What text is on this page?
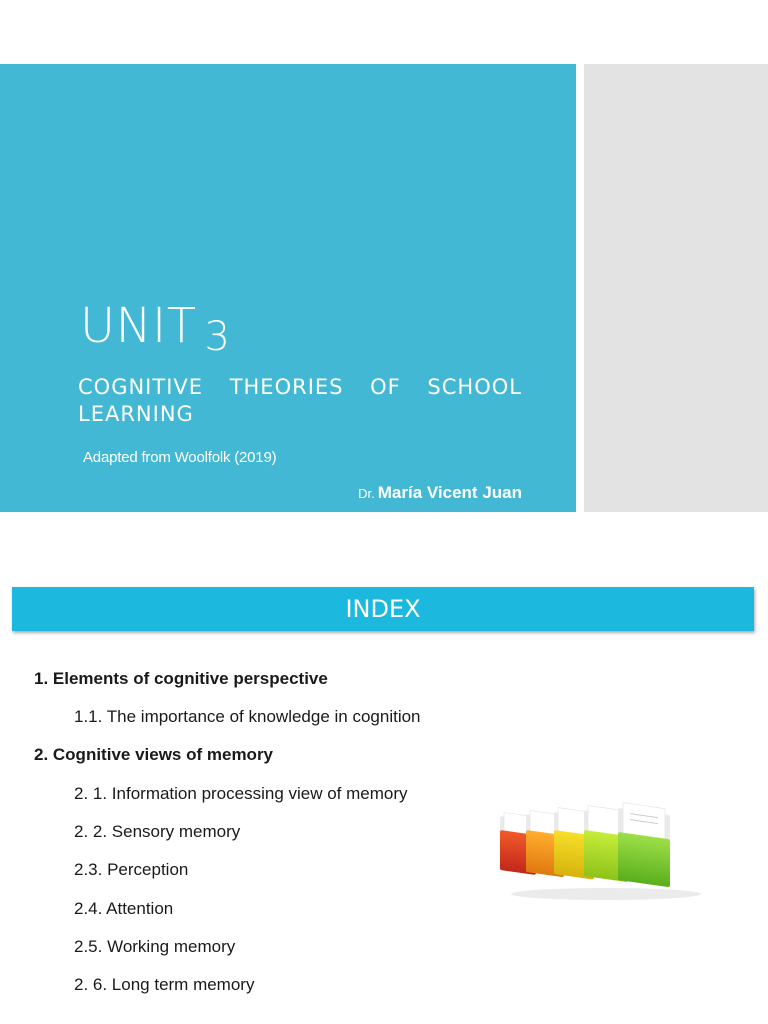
UNIT 3
COGNITIVE THEORIES OF SCHOOL
LEARNING
Adapted from Woolfolk (2019)
Dr. María Vicent Juan
INDEX
1. Elements of cognitive perspective
1.1. The importance of knowledge in cognition
2. Cognitive views of memory
2. 1. Information processing view of memory
2. 2. Sensory memory
2.3. Perception
2.4. Attention
2.5. Working memory
2. 6. Long term memory
